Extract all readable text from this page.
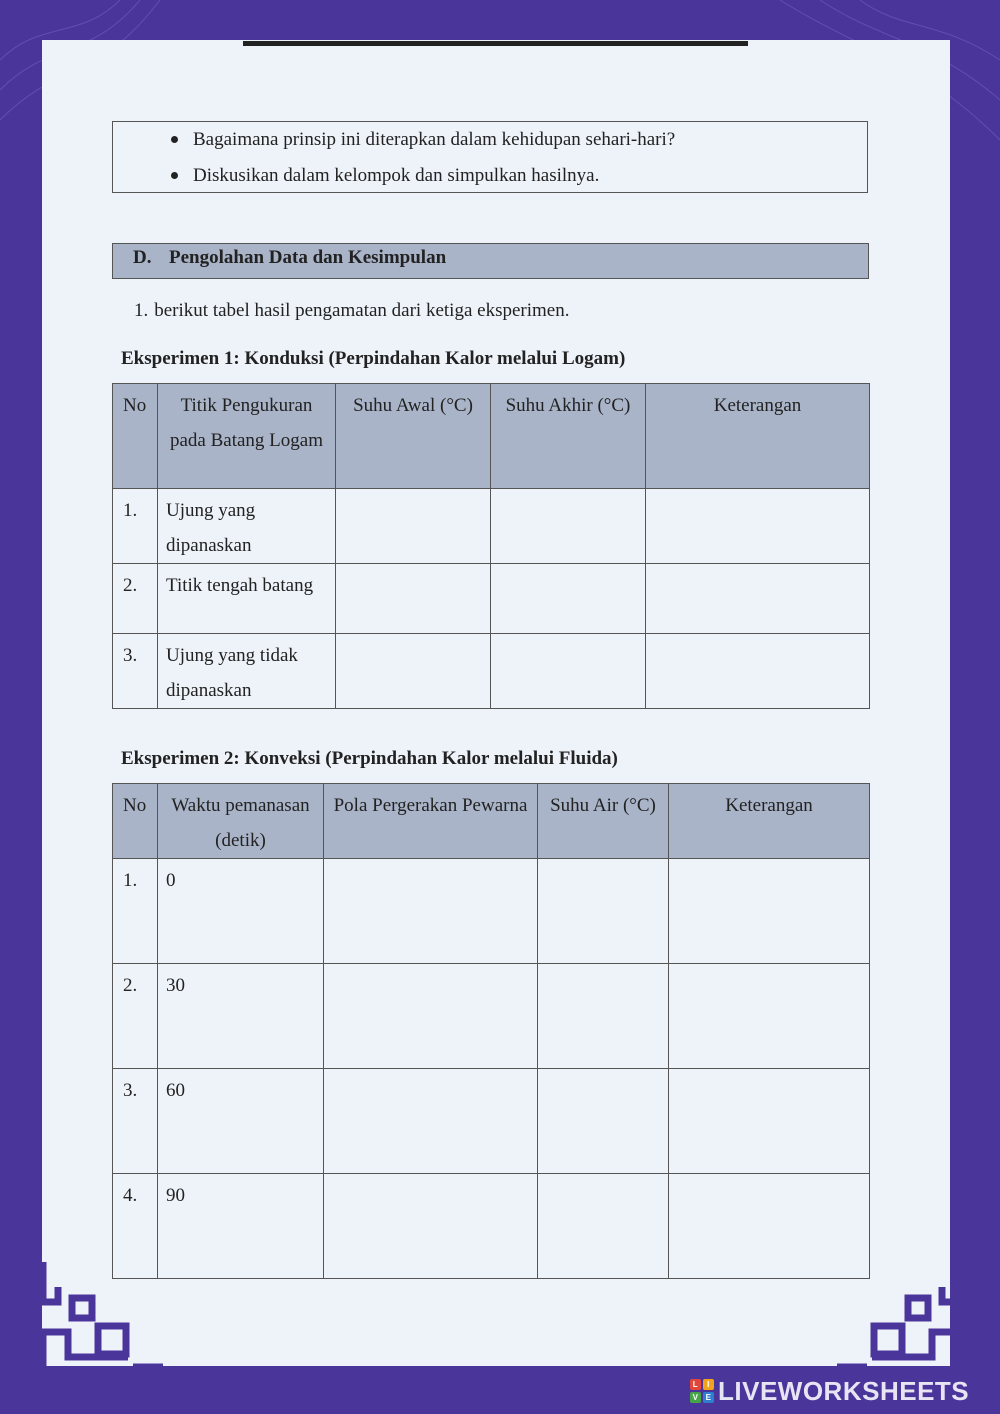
Bagaimana prinsip ini diterapkan dalam kehidupan sehari-hari?
Diskusikan dalam kelompok dan simpulkan hasilnya.
D. Pengolahan Data dan Kesimpulan
1. berikut tabel hasil pengamatan dari ketiga eksperimen.
Eksperimen 1: Konduksi (Perpindahan Kalor melalui Logam)
No	Titik Pengukuran pada Batang Logam	Suhu Awal (°C)	Suhu Akhir (°C)	Keterangan
1.	Ujung yang dipanaskan			
2.	Titik tengah batang			
3.	Ujung yang tidak dipanaskan			
Eksperimen 2: Konveksi (Perpindahan Kalor melalui Fluida)
No	Waktu pemanasan (detik)	Pola Pergerakan Pewarna	Suhu Air (°C)	Keterangan
1.	0			
2.	30			
3.	60			
4.	90			
L	I
V E LIVEWORKSHEETS
